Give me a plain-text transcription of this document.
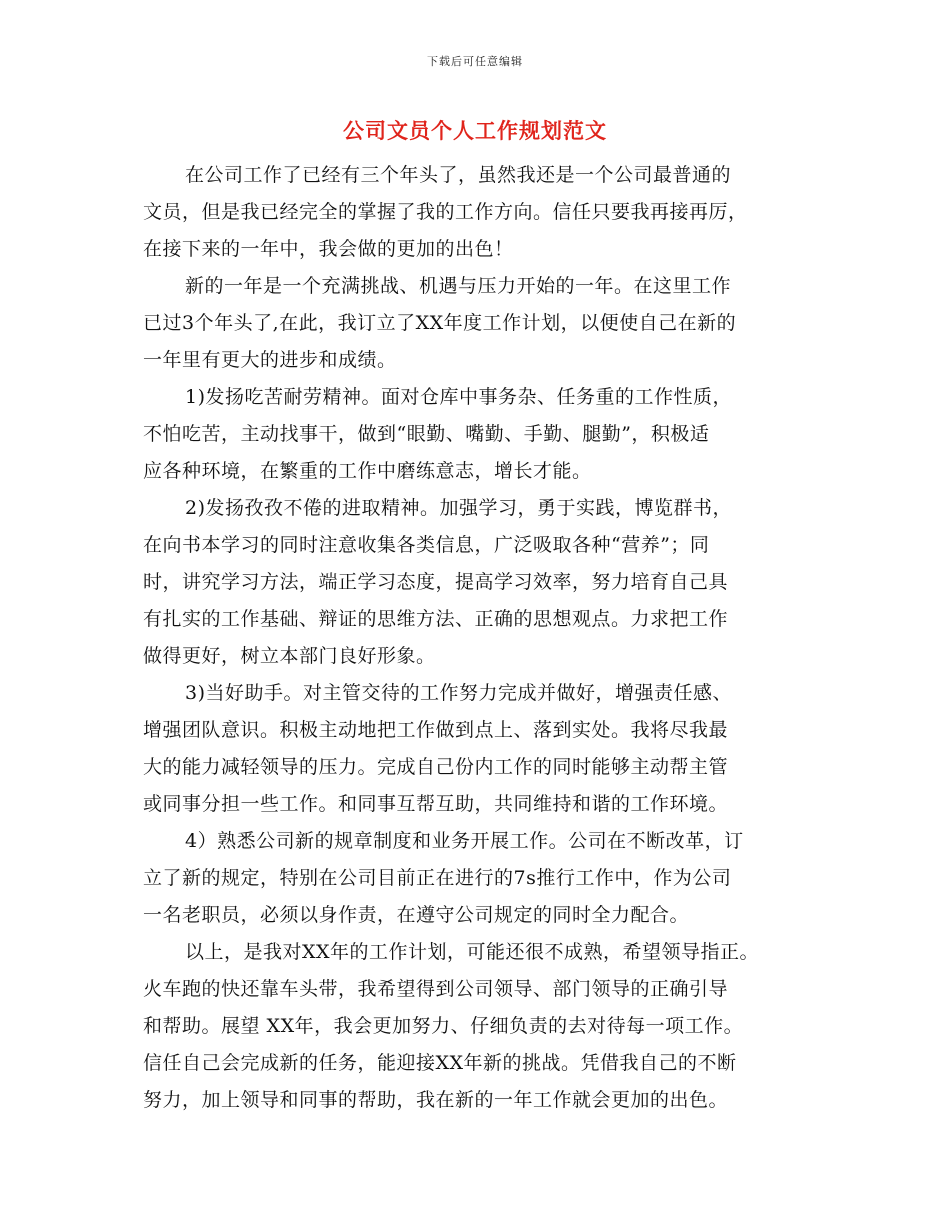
下载后可任意编辑
公司文员个人工作规划范文
在公司工作了已经有三个年头了，虽然我还是一个公司最普通的
文员，但是我已经完全的掌握了我的工作方向。信任只要我再接再厉，
在接下来的一年中，我会做的更加的出色！
新的一年是一个充满挑战、机遇与压力开始的一年。在这里工作
已过3个年头了,在此，我订立了XX年度工作计划，以便使自己在新的
一年里有更大的进步和成绩。
1)发扬吃苦耐劳精神。面对仓库中事务杂、任务重的工作性质，
不怕吃苦，主动找事干，做到“眼勤、嘴勤、手勤、腿勤”，积极适
应各种环境，在繁重的工作中磨练意志，增长才能。
2)发扬孜孜不倦的进取精神。加强学习，勇于实践，博览群书，
在向书本学习的同时注意收集各类信息，广泛吸取各种“营养”；同
时，讲究学习方法，端正学习态度，提高学习效率，努力培育自己具
有扎实的工作基础、辩证的思维方法、正确的思想观点。力求把工作
做得更好，树立本部门良好形象。
3)当好助手。对主管交待的工作努力完成并做好，增强责任感、
增强团队意识。积极主动地把工作做到点上、落到实处。我将尽我最
大的能力减轻领导的压力。完成自己份内工作的同时能够主动帮主管
或同事分担一些工作。和同事互帮互助，共同维持和谐的工作环境。
4）熟悉公司新的规章制度和业务开展工作。公司在不断改革，订
立了新的规定，特别在公司目前正在进行的7s推行工作中，作为公司
一名老职员，必须以身作责，在遵守公司规定的同时全力配合。
以上，是我对XX年的工作计划，可能还很不成熟，希望领导指正。
火车跑的快还靠车头带，我希望得到公司领导、部门领导的正确引导
和帮助。展望 XX年，我会更加努力、仔细负责的去对待每一项工作。
信任自己会完成新的任务，能迎接XX年新的挑战。凭借我自己的不断
努力，加上领导和同事的帮助，我在新的一年工作就会更加的出色。
